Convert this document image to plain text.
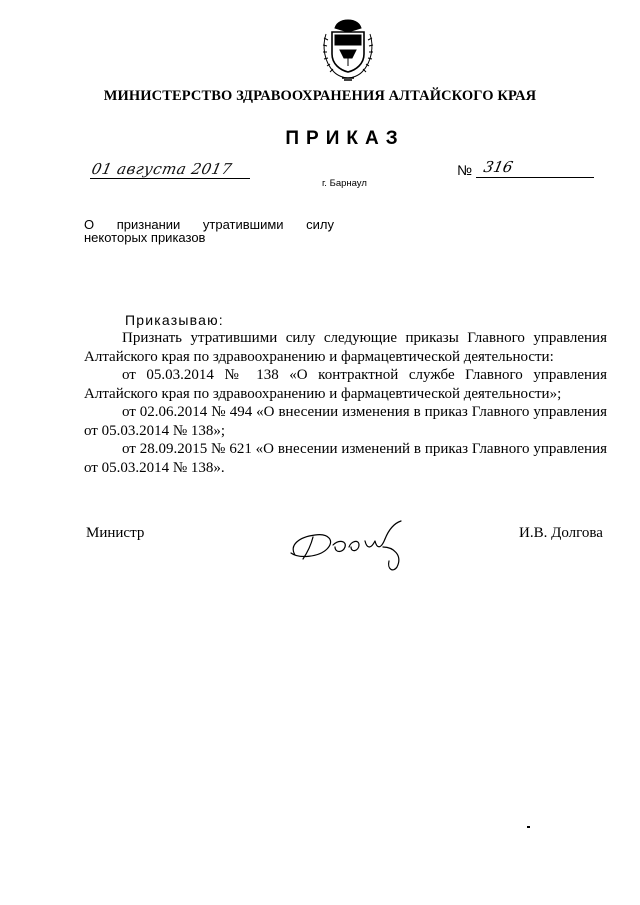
МИНИСТЕРСТВО ЗДРАВООХРАНЕНИЯ АЛТАЙСКОГО КРАЯ
ПРИКАЗ
01 августа 2017
г. Барнаул
№ 316
О признании утратившими силу
некоторых приказов
Приказываю:

Признать утратившими силу следующие приказы Главного управления Алтайского края по здравоохранению и фармацевтической деятельности:

от 05.03.2014 № 138 «О контрактной службе Главного управления Алтайского края по здравоохранению и фармацевтической деятельности»;

от 02.06.2014 № 494 «О внесении изменения в приказ Главного управления от 05.03.2014 № 138»;

от 28.09.2015 № 621 «О внесении изменений в приказ Главного управления от 05.03.2014 № 138».

Министр	И.В. Долгова
